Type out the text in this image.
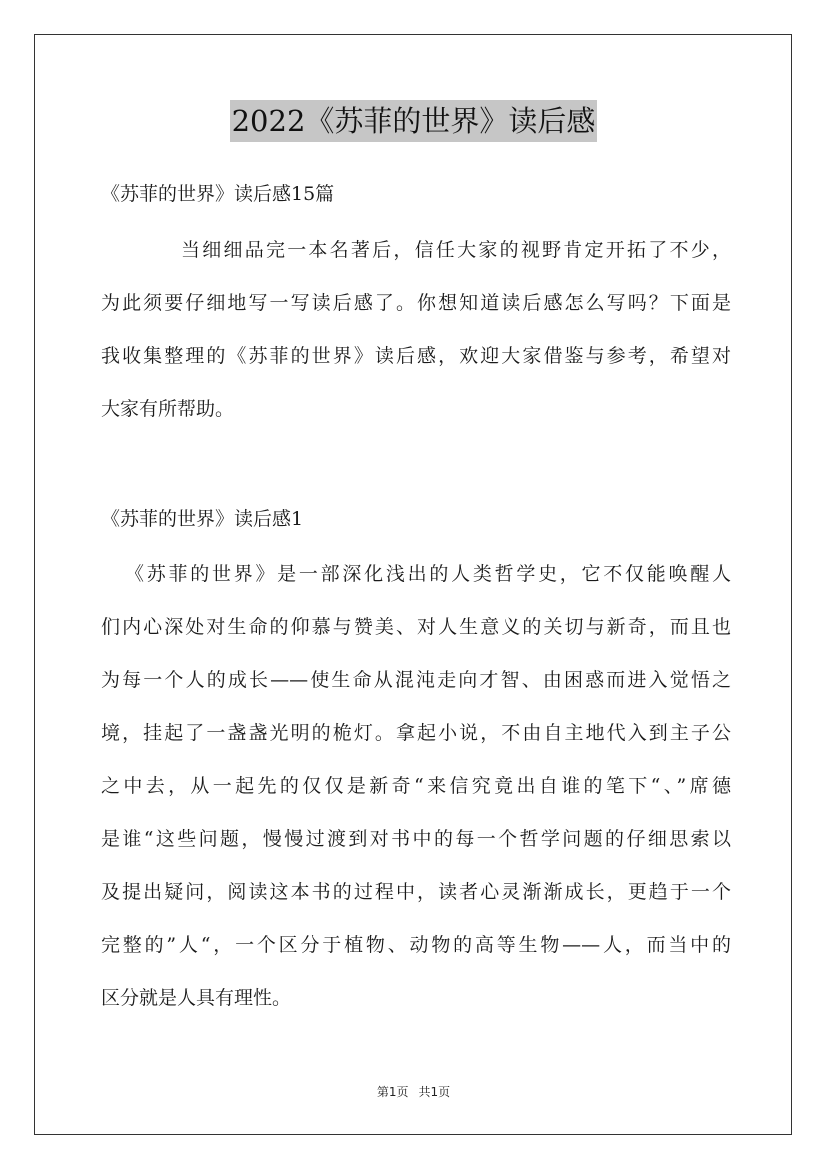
2022《苏菲的世界》读后感
《苏菲的世界》读后感15篇
当细细品完一本名著后，信任大家的视野肯定开拓了不少，
为此须要仔细地写一写读后感了。你想知道读后感怎么写吗？下面是
我收集整理的《苏菲的世界》读后感，欢迎大家借鉴与参考，希望对
大家有所帮助。
《苏菲的世界》读后感1
《苏菲的世界》是一部深化浅出的人类哲学史，它不仅能唤醒人
们内心深处对生命的仰慕与赞美、对人生意义的关切与新奇，而且也
为每一个人的成长——使生命从混沌走向才智、由困惑而进入觉悟之
境，挂起了一盏盏光明的桅灯。拿起小说，不由自主地代入到主子公
之中去，从一起先的仅仅是新奇“来信究竟出自谁的笔下“、”席德
是谁“这些问题，慢慢过渡到对书中的每一个哲学问题的仔细思索以
及提出疑问，阅读这本书的过程中，读者心灵渐渐成长，更趋于一个
完整的”人“，一个区分于植物、动物的高等生物——人，而当中的
区分就是人具有理性。
第1页 共1页
